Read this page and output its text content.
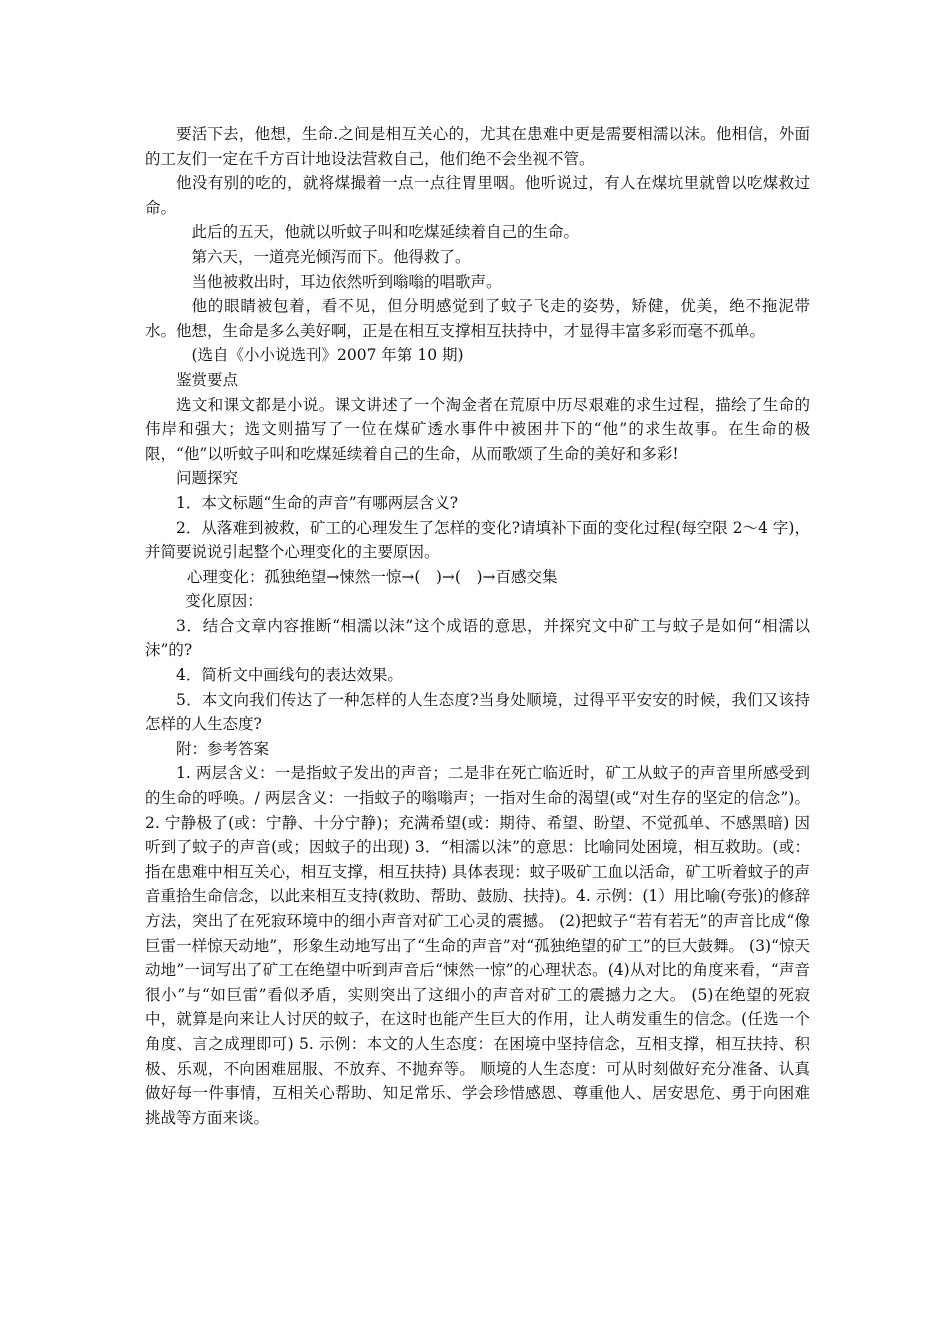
要活下去，他想，生命.之间是相互关心的，尤其在患难中更是需要相濡以沫。他相信，外面的工友们一定在千方百计地设法营救自己，他们绝不会坐视不管。

他没有别的吃的，就将煤撮着一点一点往胃里咽。他听说过，有人在煤坑里就曾以吃煤救过命。

此后的五天，他就以听蚊子叫和吃煤延续着自己的生命。

第六天，一道亮光倾泻而下。他得救了。

当他被救出时，耳边依然听到嗡嗡的唱歌声。

他的眼睛被包着，看不见，但分明感觉到了蚊子飞走的姿势，矫健，优美，绝不拖泥带水。他想，生命是多么美好啊，正是在相互支撑相互扶持中，才显得丰富多彩而毫不孤单。

(选自《小小说选刊》2007 年第 10 期)

鉴赏要点

选文和课文都是小说。课文讲述了一个淘金者在荒原中历尽艰难的求生过程，描绘了生命的伟岸和强大；选文则描写了一位在煤矿透水事件中被困井下的“他”的求生故事。在生命的极限，“他”以听蚊子叫和吃煤延续着自己的生命，从而歌颂了生命的美好和多彩!

问题探究

1．本文标题“生命的声音”有哪两层含义?

2．从落难到被救，矿工的心理发生了怎样的变化?请填补下面的变化过程(每空限 2～4 字)，并简要说说引起整个心理变化的主要原因。

心理变化：孤独绝望→悚然一惊→(　)→(　)→百感交集

变化原因：

3．结合文章内容推断“相濡以沫”这个成语的意思，并探究文中矿工与蚊子是如何“相濡以沫”的?

4．简析文中画线句的表达效果。

5．本文向我们传达了一种怎样的人生态度?当身处顺境，过得平平安安的时候，我们又该持怎样的人生态度?

附：参考答案

1. 两层含义：一是指蚊子发出的声音；二是非在死亡临近时，矿工从蚊子的声音里所感受到的生命的呼唤。/ 两层含义：一指蚊子的嗡嗡声；一指对生命的渴望(或“对生存的坚定的信念”)。2. 宁静极了(或：宁静、十分宁静)；充满希望(或：期待、希望、盼望、不觉孤单、不感黑暗) 因听到了蚊子的声音(或；因蚊子的出现) 3．“相濡以沫”的意思：比喻同处困境，相互救助。(或：指在患难中相互关心，相互支撑，相互扶持) 具体表现：蚊子吸矿工血以活命，矿工听着蚊子的声音重拾生命信念，以此来相互支持(救助、帮助、鼓励、扶持)。4. 示例：(1）用比喻(夸张)的修辞方法，突出了在死寂环境中的细小声音对矿工心灵的震撼。 (2)把蚊子“若有若无”的声音比成“像巨雷一样惊天动地”，形象生动地写出了“生命的声音”对“孤独绝望的矿工”的巨大鼓舞。 (3)“惊天动地”一词写出了矿工在绝望中听到声音后“悚然一惊”的心理状态。(4)从对比的角度来看，“声音很小”与“如巨雷”看似矛盾，实则突出了这细小的声音对矿工的震撼力之大。 (5)在绝望的死寂中，就算是向来让人讨厌的蚊子，在这时也能产生巨大的作用，让人萌发重生的信念。(任选一个角度、言之成理即可) 5. 示例：本文的人生态度：在困境中坚持信念，互相支撑，相互扶持、积极、乐观，不向困难屈服、不放弃、不抛弃等。 顺境的人生态度：可从时刻做好充分准备、认真做好每一件事情，互相关心帮助、知足常乐、学会珍惜感恩、尊重他人、居安思危、勇于向困难挑战等方面来谈。
